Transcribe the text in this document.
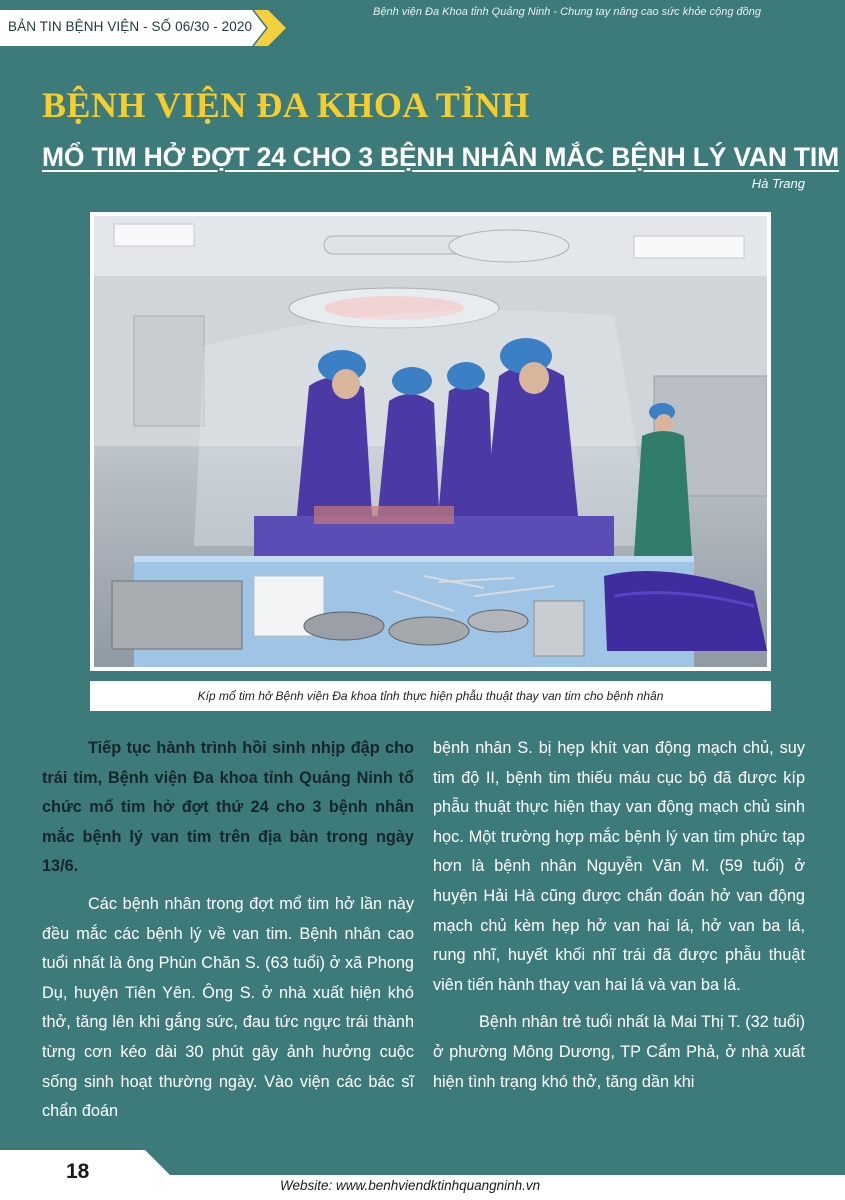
BẢN TIN BỆNH VIỆN - SỐ 06/30 - 2020
Bệnh viện Đa Khoa tỉnh Quảng Ninh - Chung tay nâng cao sức khỏe cộng đồng
BỆNH VIỆN ĐA KHOA TỈNH
MỔ TIM HỞ ĐỢT 24 CHO 3 BỆNH NHÂN MẮC BỆNH LÝ VAN TIM
Hà Trang
Kíp mổ tim hở Bệnh viện Đa khoa tỉnh thực hiện phẫu thuật thay van tim cho bệnh nhân

Tiếp tục hành trình hồi sinh nhịp đập cho trái tim, Bệnh viện Đa khoa tỉnh Quảng Ninh tổ chức mổ tim hở đợt thứ 24 cho 3 bệnh nhân mắc bệnh lý van tim trên địa bàn trong ngày 13/6.

Các bệnh nhân trong đợt mổ tim hở lần này đều mắc các bệnh lý về van tim. Bệnh nhân cao tuổi nhất là ông Phùn Chăn S. (63 tuổi) ở xã Phong Dụ, huyện Tiên Yên. Ông S. ở nhà xuất hiện khó thở, tăng lên khi gắng sức, đau tức ngực trái thành từng cơn kéo dài 30 phút gây ảnh hưởng cuộc sống sinh hoạt thường ngày. Vào viện các bác sĩ chẩn đoán

bệnh nhân S. bị hẹp khít van động mạch chủ, suy tim độ II, bệnh tim thiếu máu cục bộ đã được kíp phẫu thuật thực hiện thay van động mạch chủ sinh học. Một trường hợp mắc bệnh lý van tim phức tạp hơn là bệnh nhân Nguyễn Văn M. (59 tuổi) ở huyện Hải Hà cũng được chẩn đoán hở van động mạch chủ kèm hẹp hở van hai lá, hở van ba lá, rung nhĩ, huyết khối nhĩ trái đã được phẫu thuật viên tiến hành thay van hai lá và van ba lá.

Bệnh nhân trẻ tuổi nhất là Mai Thị T. (32 tuổi) ở phường Mông Dương, TP Cẩm Phả, ở nhà xuất hiện tình trạng khó thở, tăng dần khi

18
Website: www.benhviendktinhquangninh.vn
